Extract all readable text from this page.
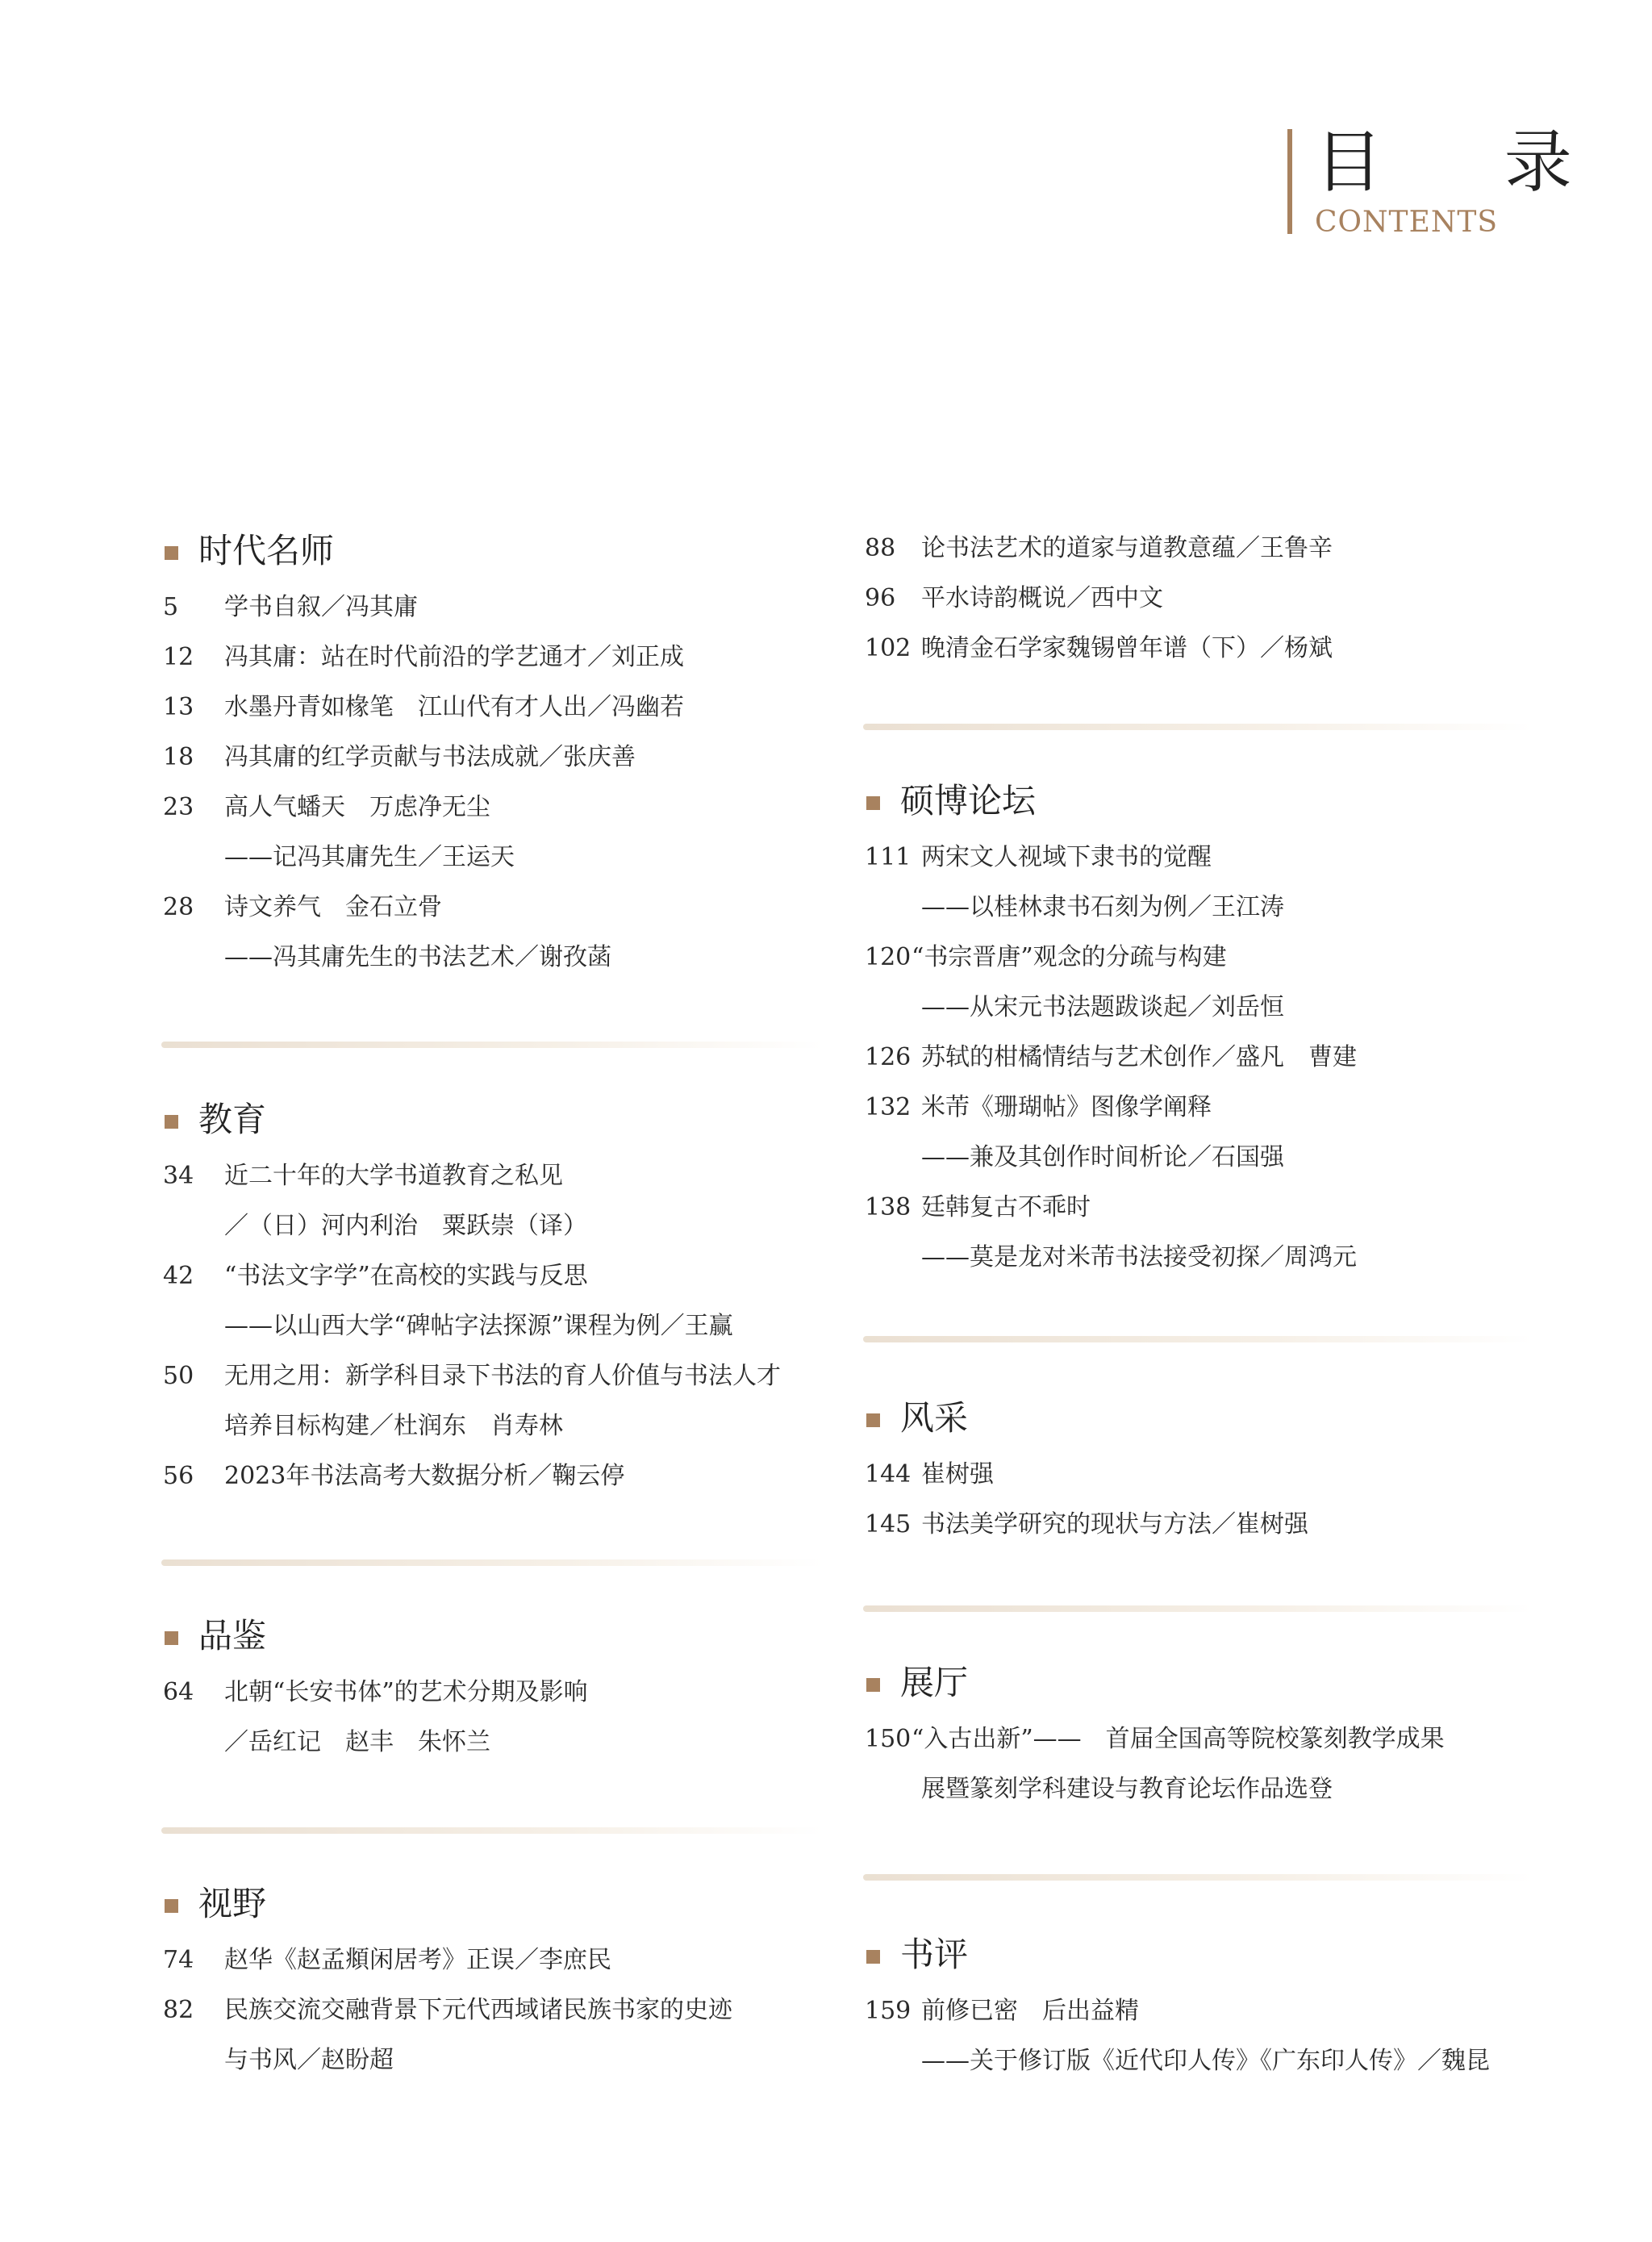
目 录
CONTENTS
时代名师
5 学书自叙／冯其庸
12 冯其庸：站在时代前沿的学艺通才／刘正成
13 水墨丹青如椽笔　江山代有才人出／冯幽若
18 冯其庸的红学贡献与书法成就／张庆善
23 高人气蟠天　万虑净无尘
——记冯其庸先生／王运天
28 诗文养气　金石立骨
——冯其庸先生的书法艺术／谢孜菡
教育
34 近二十年的大学书道教育之私见
／（日）河内利治　粟跃崇（译）
42 “书法文字学”在高校的实践与反思
——以山西大学“碑帖字法探源”课程为例／王赢
50 无用之用：新学科目录下书法的育人价值与书法人才
培养目标构建／杜润东　肖寿林
56 2023年书法高考大数据分析／鞠云停
品鉴
64 北朝“长安书体”的艺术分期及影响
／岳红记　赵丰　朱怀兰
视野
74 赵华《赵孟頫闲居考》正误／李庶民
82 民族交流交融背景下元代西域诸民族书家的史迹
与书风／赵盼超
88 论书法艺术的道家与道教意蕴／王鲁辛
96 平水诗韵概说／西中文
102 晚清金石学家魏锡曾年谱（下）／杨斌
硕博论坛
111 两宋文人视域下隶书的觉醒
——以桂林隶书石刻为例／王江涛
120 “书宗晋唐”观念的分疏与构建
——从宋元书法题跋谈起／刘岳恒
126 苏轼的柑橘情结与艺术创作／盛凡　曹建
132 米芾《珊瑚帖》图像学阐释
——兼及其创作时间析论／石国强
138 廷韩复古不乖时
——莫是龙对米芾书法接受初探／周鸿元
风采
144 崔树强
145 书法美学研究的现状与方法／崔树强
展厅
150 “入古出新”——　首届全国高等院校篆刻教学成果
展暨篆刻学科建设与教育论坛作品选登
书评
159 前修已密　后出益精
——关于修订版《近代印人传》《广东印人传》／魏昆
